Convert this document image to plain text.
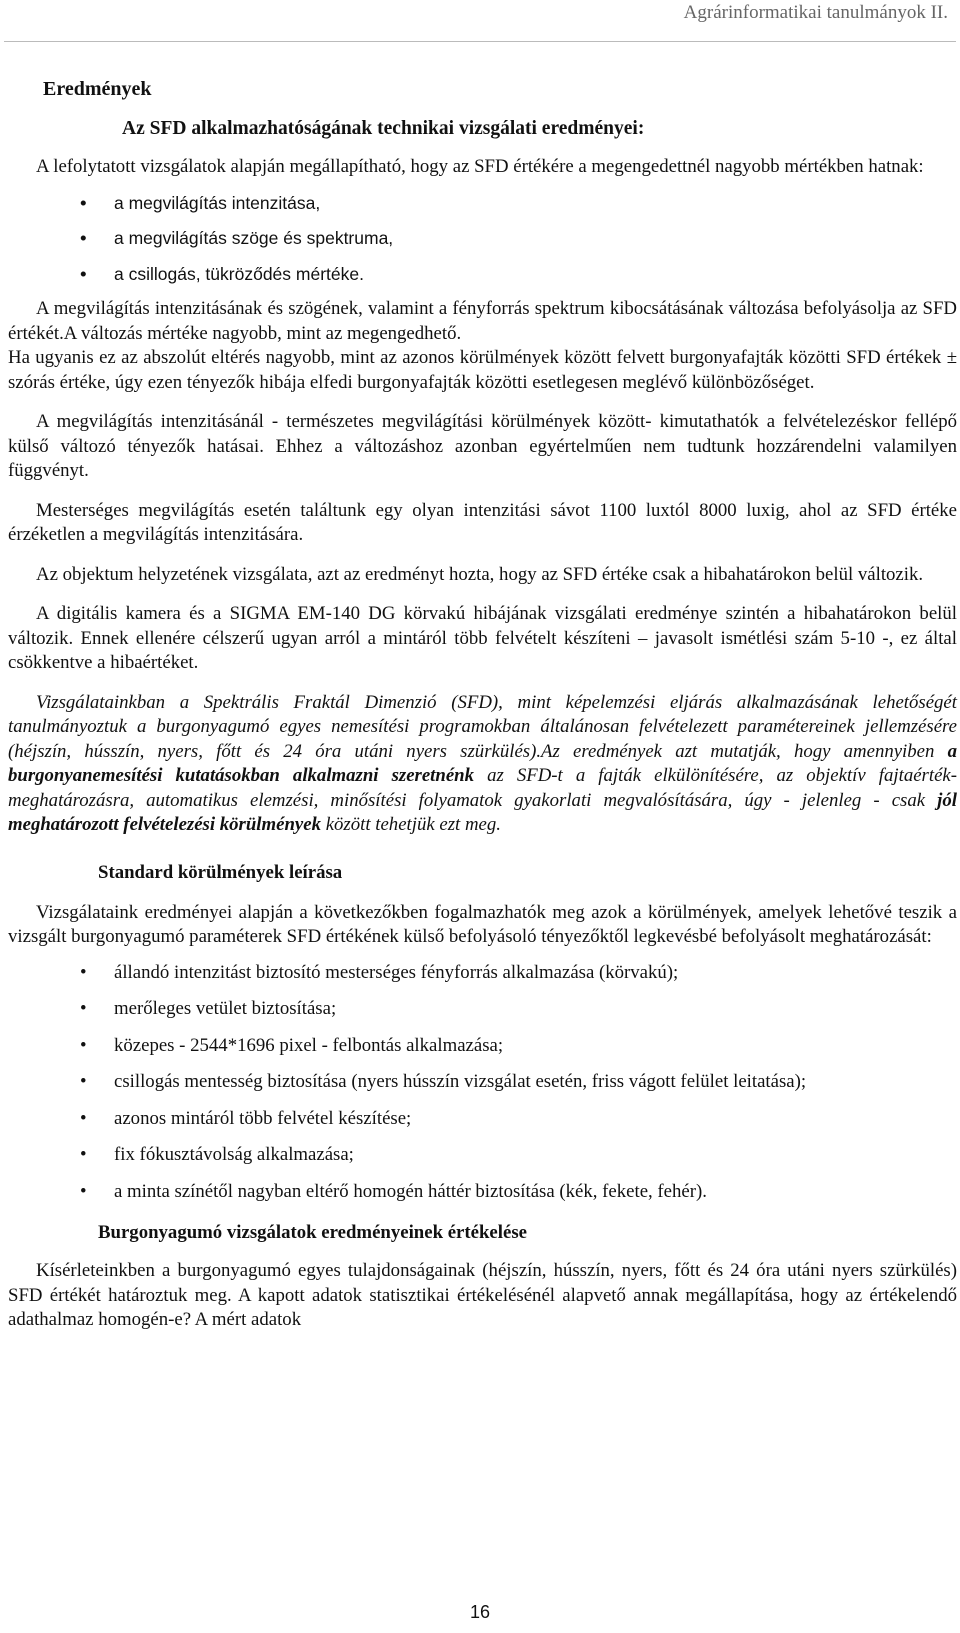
Agrárinformatikai tanulmányok II.
Eredmények
Az SFD alkalmazhatóságának technikai vizsgálati eredményei:

A lefolytatott vizsgálatok alapján megállapítható, hogy az SFD értékére a megengedettnél nagyobb mértékben hatnak:

• a megvilágítás intenzitása,
• a megvilágítás szöge és spektruma,
• a csillogás, tükröződés mértéke.

A megvilágítás intenzitásának és szögének, valamint a fényforrás spektrum kibocsátásának változása befolyásolja az SFD értékét.A változás mértéke nagyobb, mint az megengedhető.

Ha ugyanis ez az abszolút eltérés nagyobb, mint az azonos körülmények között felvett burgonyafajták közötti SFD értékek ± szórás értéke, úgy ezen tényezők hibája elfedi burgonyafajták közötti esetlegesen meglévő különbözőséget.

A megvilágítás intenzitásánál - természetes megvilágítási körülmények között- kimutathatók a felvételezéskor fellépő külső változó tényezők hatásai. Ehhez a változáshoz azonban egyértelműen nem tudtunk hozzárendelni valamilyen függvényt.

Mesterséges megvilágítás esetén találtunk egy olyan intenzitási sávot 1100 luxtól 8000 luxig, ahol az SFD értéke érzéketlen a megvilágítás intenzitására.

Az objektum helyzetének vizsgálata, azt az eredményt hozta, hogy az SFD értéke csak a hibahatárokon belül változik.

A digitális kamera és a SIGMA EM-140 DG körvakú hibájának vizsgálati eredménye szintén a hibahatárokon belül változik. Ennek ellenére célszerű ugyan arról a mintáról több felvételt készíteni – javasolt ismétlési szám 5-10 -, ez által csökkentve a hibaértéket.

Vizsgálatainkban a Spektrális Fraktál Dimenzió (SFD), mint képelemzési eljárás alkalmazásának lehetőségét tanulmányoztuk a burgonyagumó egyes nemesítési programokban általánosan felvételezett paramétereinek jellemzésére (héjszín, hússzín, nyers, főtt és 24 óra utáni nyers szürkülés).Az eredmények azt mutatják, hogy amennyiben a burgonyanemesítési kutatásokban alkalmazni szeretnénk az SFD-t a fajták elkülönítésére, az objektív fajtaérték-meghatározásra, automatikus elemzési, minősítési folyamatok gyakorlati megvalósítására, úgy - jelenleg - csak jól meghatározott felvételezési körülmények között tehetjük ezt meg.

Standard körülmények leírása

Vizsgálataink eredményei alapján a következőkben fogalmazhatók meg azok a körülmények, amelyek lehetővé teszik a vizsgált burgonyagumó paraméterek SFD értékének külső befolyásoló tényezőktől legkevésbé befolyásolt meghatározását:

• állandó intenzitást biztosító mesterséges fényforrás alkalmazása (körvakú);
• merőleges vetület biztosítása;
• közepes - 2544*1696 pixel - felbontás alkalmazása;
• csillogás mentesség biztosítása (nyers hússzín vizsgálat esetén, friss vágott felület leitatása);
• azonos mintáról több felvétel készítése;
• fix fókusztávolság alkalmazása;
• a minta színétől nagyban eltérő homogén háttér biztosítása (kék, fekete, fehér).
Burgonyagumó vizsgálatok eredményeinek értékelése

Kísérleteinkben a burgonyagumó egyes tulajdonságainak (héjszín, hússzín, nyers, főtt és 24 óra utáni nyers szürkülés) SFD értékét határoztuk meg. A kapott adatok statisztikai értékelésénél alapvető annak megállapítása, hogy az értékelendő adathalmaz homogén-e? A mért adatok

16
